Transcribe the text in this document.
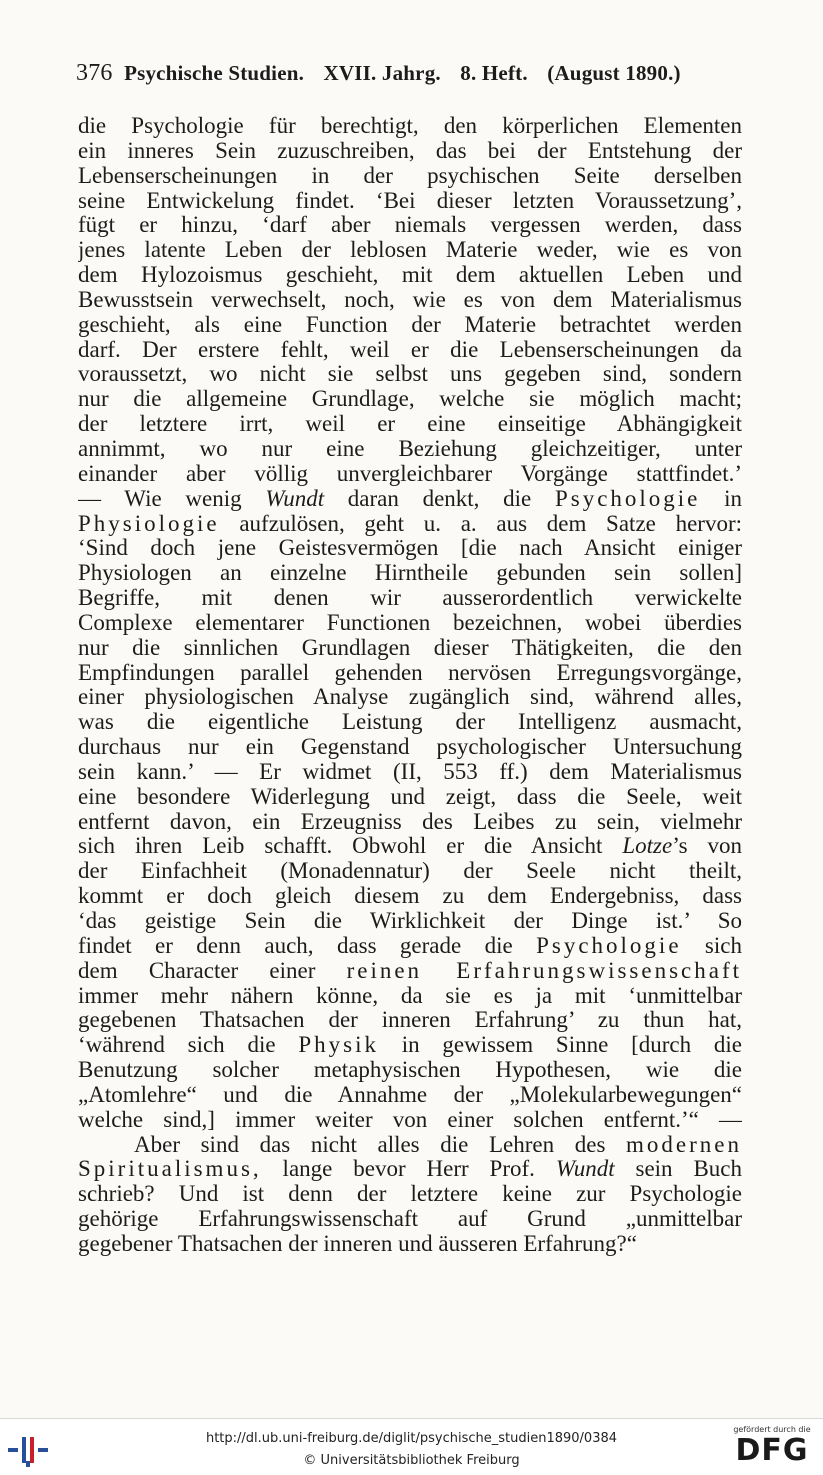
376 Psychische Studien. XVII. Jahrg. 8. Heft. (August 1890.)
die Psychologie für berechtigt, den körperlichen Elementen
ein inneres Sein zuzuschreiben, das bei der Entstehung der
Lebenserscheinungen in der psychischen Seite derselben
seine Entwickelung findet. ‘Bei dieser letzten Voraussetzung’,
fügt er hinzu, ‘darf aber niemals vergessen werden, dass
jenes latente Leben der leblosen Materie weder, wie es von
dem Hylozoismus geschieht, mit dem aktuellen Leben und
Bewusstsein verwechselt, noch, wie es von dem Materialismus
geschieht, als eine Function der Materie betrachtet werden
darf. Der erstere fehlt, weil er die Lebenserscheinungen da
voraussetzt, wo nicht sie selbst uns gegeben sind, sondern
nur die allgemeine Grundlage, welche sie möglich macht;
der letztere irrt, weil er eine einseitige Abhängigkeit
annimmt, wo nur eine Beziehung gleichzeitiger, unter
einander aber völlig unvergleichbarer Vorgänge stattfindet.’
— Wie wenig Wundt daran denkt, die Psychologie in
Physiologie aufzulösen, geht u. a. aus dem Satze hervor:
‘Sind doch jene Geistesvermögen [die nach Ansicht einiger
Physiologen an einzelne Hirntheile gebunden sein sollen]
Begriffe, mit denen wir ausserordentlich verwickelte
Complexe elementarer Functionen bezeichnen, wobei überdies
nur die sinnlichen Grundlagen dieser Thätigkeiten, die den
Empfindungen parallel gehenden nervösen Erregungsvorgänge,
einer physiologischen Analyse zugänglich sind, während alles,
was die eigentliche Leistung der Intelligenz ausmacht,
durchaus nur ein Gegenstand psychologischer Untersuchung
sein kann.’ — Er widmet (II, 553 ff.) dem Materialismus
eine besondere Widerlegung und zeigt, dass die Seele, weit
entfernt davon, ein Erzeugniss des Leibes zu sein, vielmehr
sich ihren Leib schafft. Obwohl er die Ansicht Lotze’s von
der Einfachheit (Monadennatur) der Seele nicht theilt,
kommt er doch gleich diesem zu dem Endergebniss, dass
‘das geistige Sein die Wirklichkeit der Dinge ist.’ So
findet er denn auch, dass gerade die Psychologie sich
dem Character einer reinen Erfahrungswissenschaft
immer mehr nähern könne, da sie es ja mit ‘unmittelbar
gegebenen Thatsachen der inneren Erfahrung’ zu thun hat,
‘während sich die Physik in gewissem Sinne [durch die
Benutzung solcher metaphysischen Hypothesen, wie die
„Atomlehre“ und die Annahme der „Molekularbewegungen“
welche sind,] immer weiter von einer solchen entfernt.’“ —
Aber sind das nicht alles die Lehren des modernen
Spiritualismus, lange bevor Herr Prof. Wundt sein Buch
schrieb? Und ist denn der letztere keine zur Psychologie
gehörige Erfahrungswissenschaft auf Grund „unmittelbar
gegebener Thatsachen der inneren und äusseren Erfahrung?“
http://dl.ub.uni-freiburg.de/diglit/psychische_studien1890/0384
© Universitätsbibliothek Freiburg
gefördert durch die
DFG
